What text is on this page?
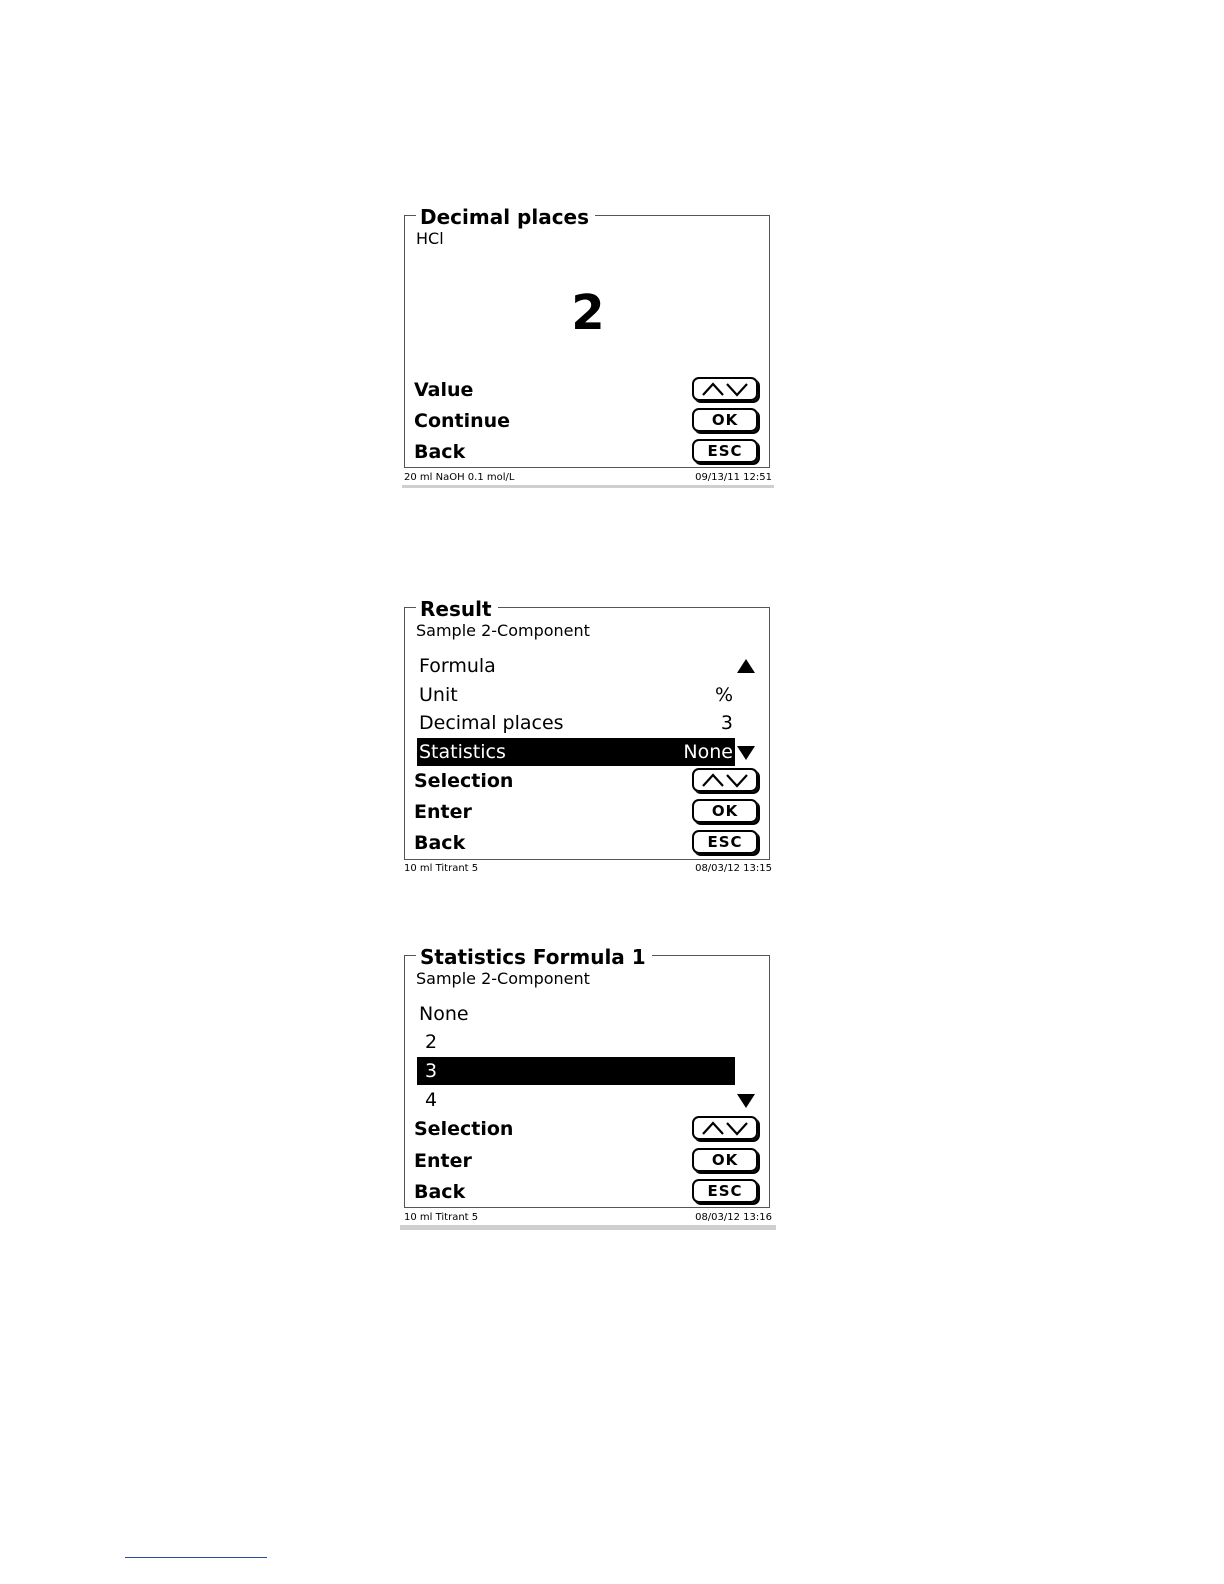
Decimal places
HCl
2
Value
Continue	OK
Back	ESC
20 ml NaOH 0.1 mol/L	09/13/11 12:51
Result
Sample 2-Component
Formula
Unit	%
Decimal places	3
Statistics	None
Selection
Enter	OK
Back	ESC
10 ml Titrant 5	08/03/12 13:15
Statistics Formula 1
Sample 2-Component

None

2

3

4

Selection
Enter	OK
Back	ESC
10 ml Titrant 5	08/03/12 13:16
